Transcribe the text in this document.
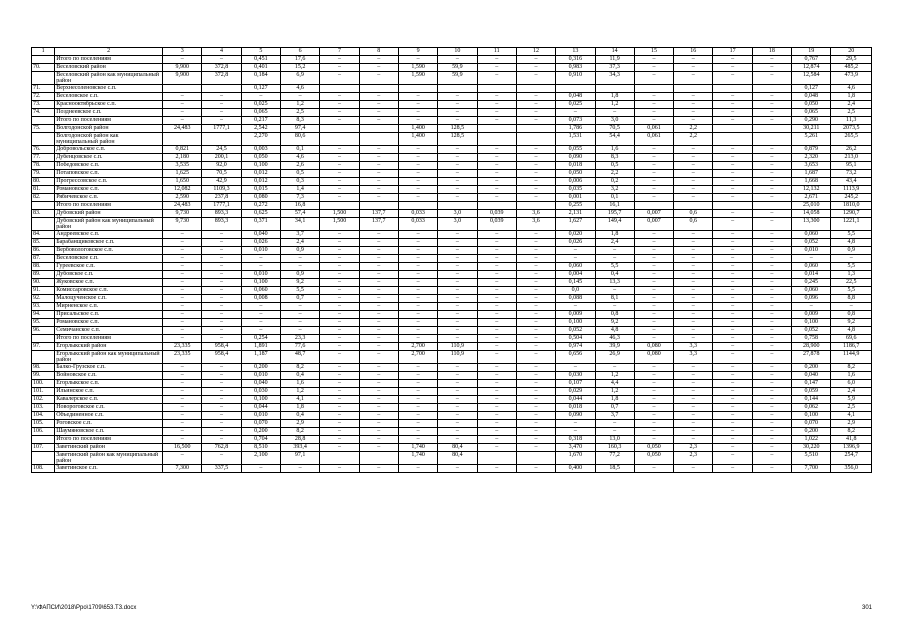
1	2	3	4	5	6	7	8	9	10	11	12	13	14	15	16	17	18	19	20
	Итого по поселениям	–	–	0,451	17,6	–	–	–	–	–	–	0,316	11,9	–	–	–	–	0,767	29,5
70.	Веселовский район	9,900	372,8	0,401	15,2	–	–	1,590	59,9	–	–	0,983	37,3	–	–	–	–	12,874	485,2
	Веселовский район как муниципальный район	9,900	372,8	0,184	6,9	–	–	1,590	59,9	–	–	0,910	34,3	–	–	–	–	12,584	473,9
71.	Верхнесоленовское с.п.			0,127	4,6													0,127	4,6
72.	Веселовское с.п.	–	–	–	–	–	–	–	–	–	–	0,048	1,8	–	–	–	–	0,048	1,8
73.	Краснооктябрьское с.п.	–	–	0,025	1,2	–	–	–	–	–	–	0,025	1,2	–	–	–	–	0,050	2,4
74.	Позднеевское с.п.	–	–	0,065	2,5	–	–	–	–	–	–	–	–	–	–	–	–	0,065	2,5
	Итого по поселениям	–	–	0,217	8,3	–	–	–	–	–	–	0,073	3,0	–	–	–	–	0,290	11,3
75.	Волгодонской район	24,483	1777,1	2,542	97,4			1,400	128,5			1,786	70,5	0,061	2,2			30,211	2073,5
	Волгодонской район как муниципальный район			2,270	80,6			1,400	128,5			1,531	54,4	0,061	2,2			5,261	265,5
76.	Добровольское с.п.	0,821	24,5	0,003	0,1	–	–	–	–	–	–	0,055	1,6	–	–	–	–	0,879	26,2
77.	Дубенцовское с.п.	2,180	200,1	0,050	4,6	–	–	–	–	–	–	0,090	8,3	–	–	–	–	2,320	213,0
78.	Победовское с.п.	3,535	92,0	0,100	2,6	–	–	–	–	–	–	0,018	0,5	–	–	–	–	3,653	95,1
79.	Потаповское с.п.	1,625	70,5	0,012	0,5	–	–	–	–	–	–	0,050	2,2	–	–	–	–	1,687	73,2
80.	Прогрессовское с.п.	1,650	42,9	0,012	0,3	–	–	–	–	–	–	0,006	0,2	–	–	–	–	1,668	43,4
81.	Романовское с.п.	12,082	1109,3	0,015	1,4	–	–	–	–	–	–	0,035	3,2	–	–	–	–	12,132	1113,9
82.	Рябичевское с.п.	2,590	237,8	0,080	7,3	–	–	–	–	–	–	0,001	0,1	–	–	–	–	2,671	245,2
	Итого по поселениям	24,483	1777,1	0,272	16,8							0,255	16,1					25,010	1810,0
83.	Дубовский район	9,730	893,3	0,625	57,4	1,500	137,7	0,033	3,0	0,039	3,6	2,131	195,7	0,007	0,6	–	–	14,058	1290,7
	Дубовский район как муниципальный район	9,730	893,3	0,371	34,1	1,500	137,7	0,033	3,0	0,039	3,6	1,627	149,4	0,007	0,6	–	–	13,300	1221,1
84.	Андреевское с.п.	–	–	0,040	3,7	–	–	–	–	–	–	0,020	1,8	–	–	–	–	0,060	5,5
85.	Барабанщиковское с.п.	–	–	0,026	2,4	–	–	–	–	–	–	0,026	2,4	–	–	–	–	0,052	4,8
86.	Вербовологовское с.п.	–	–	0,010	0,9	–	–	–	–	–	–	–	–	–	–	–	–	0,010	0,9
87.	Веселовское с.п.	–	–	–	–	–	–	–	–	–	–	–	–	–	–	–	–	–	–
88.	Гуреевское с.п.	–	–	–	–	–	–	–	–	–	–	0,060	5,5	–	–	–	–	0,060	5,5
89.	Дубовское с.п.	–	–	0,010	0,9	–	–	–	–	–	–	0,004	0,4	–	–	–	–	0,014	1,3
90.	Жуковское с.п.	–	–	0,100	9,2	–	–	–	–	–	–	0,145	13,3	–	–	–	–	0,245	22,5
91.	Комиссаровское с.п.	–	–	0,060	5,5	–	–	–	–	–	–	0,0	–	–	–	–	–	0,060	5,5
92.	Малоцученское с.п.	–	–	0,008	0,7	–	–	–	–	–	–	0,088	8,1	–	–	–	–	0,096	8,8
93.	Мирненское с.п.	–	–	–	–	–	–	–	–	–	–	–	–	–	–	–	–	–	–
94.	Присальское с.п.	–	–	–	–	–	–	–	–	–	–	0,009	0,8	–	–	–	–	0,009	0,8
95.	Романовское с.п.	–	–	–	–	–	–	–	–	–	–	0,100	9,2	–	–	–	–	0,100	9,2
96.	Семичанское с.п.	–	–	–	–	–	–	–	–	–	–	0,052	4,8	–	–	–	–	0,052	4,8
	Итого по поселениям	–	–	0,254	23,3	–	–	–	–	–	–	0,504	46,3	–	–	–	–	0,758	69,6
97.	Егорлыкский район	23,335	958,4	1,891	77,6	–	–	2,700	110,9	–	–	0,974	39,9	0,080	3,3	–	–	28,900	1186,7
	Егорлыкский район как муниципальный район	23,335	958,4	1,187	48,7	–	–	2,700	110,9	–	–	0,656	26,9	0,080	3,3	–	–	27,878	1144,9
98.	Балко-Грузское с.п.	–	–	0,200	8,2	–	–	–	–	–	–	–	–	–	–	–	–	0,200	8,2
99.	Войновское с.п.	–	–	0,010	0,4	–	–	–	–	–	–	0,030	1,2	–	–	–	–	0,040	1,6
100.	Егорлыкское с.п.	–	–	0,040	1,6	–	–	–	–	–	–	0,107	4,4	–	–	–	–	0,147	6,0
101.	Ильинское с.п.	–	–	0,030	1,2	–	–	–	–	–	–	0,029	1,2	–	–	–	–	0,059	2,4
102.	Кавалерское с.п.	–	–	0,100	4,1	–	–	–	–	–	–	0,044	1,8	–	–	–	–	0,144	5,9
103.	Новороговское с.п.	–	–	0,044	1,8	–	–	–	–	–	–	0,018	0,7	–	–	–	–	0,062	2,5
104.	Объединенное с.п.	–	–	0,010	0,4	–	–	–	–	–	–	0,090	3,7	–	–	–	–	0,100	4,1
105.	Роговское с.п.	–	–	0,070	2,9	–	–	–	–	–	–	–	–	–	–	–	–	0,070	2,9
106.	Шаумяновское с.п.	–	–	0,200	8,2	–	–	–	–	–	–	–	–	–	–	–	–	0,200	8,2
	Итого по поселениям	–	–	0,704	28,8	–	–	–	–	–	–	0,318	13,0	–	–	–	–	1,022	41,8
107.	Заветинский район	16,500	762,8	8,510	393,4	–	–	1,740	80,4	–	–	3,470	160,3	0,050	2,3	–	–	30,220	1396,9
	Заветинский район как муниципальный район	–	–	2,100	97,1			1,740	80,4			1,670	77,2	0,050	2,3	–	–	5,510	254,7
108.	Заветинское с.п.	7,300	337,5	–	–	–	–	–	–	–	–	0,400	18,5	–	–	–	–	7,700	356,0
Y:\ФАПСИ\2018\Рро\1709\653.Т3.docx	301
